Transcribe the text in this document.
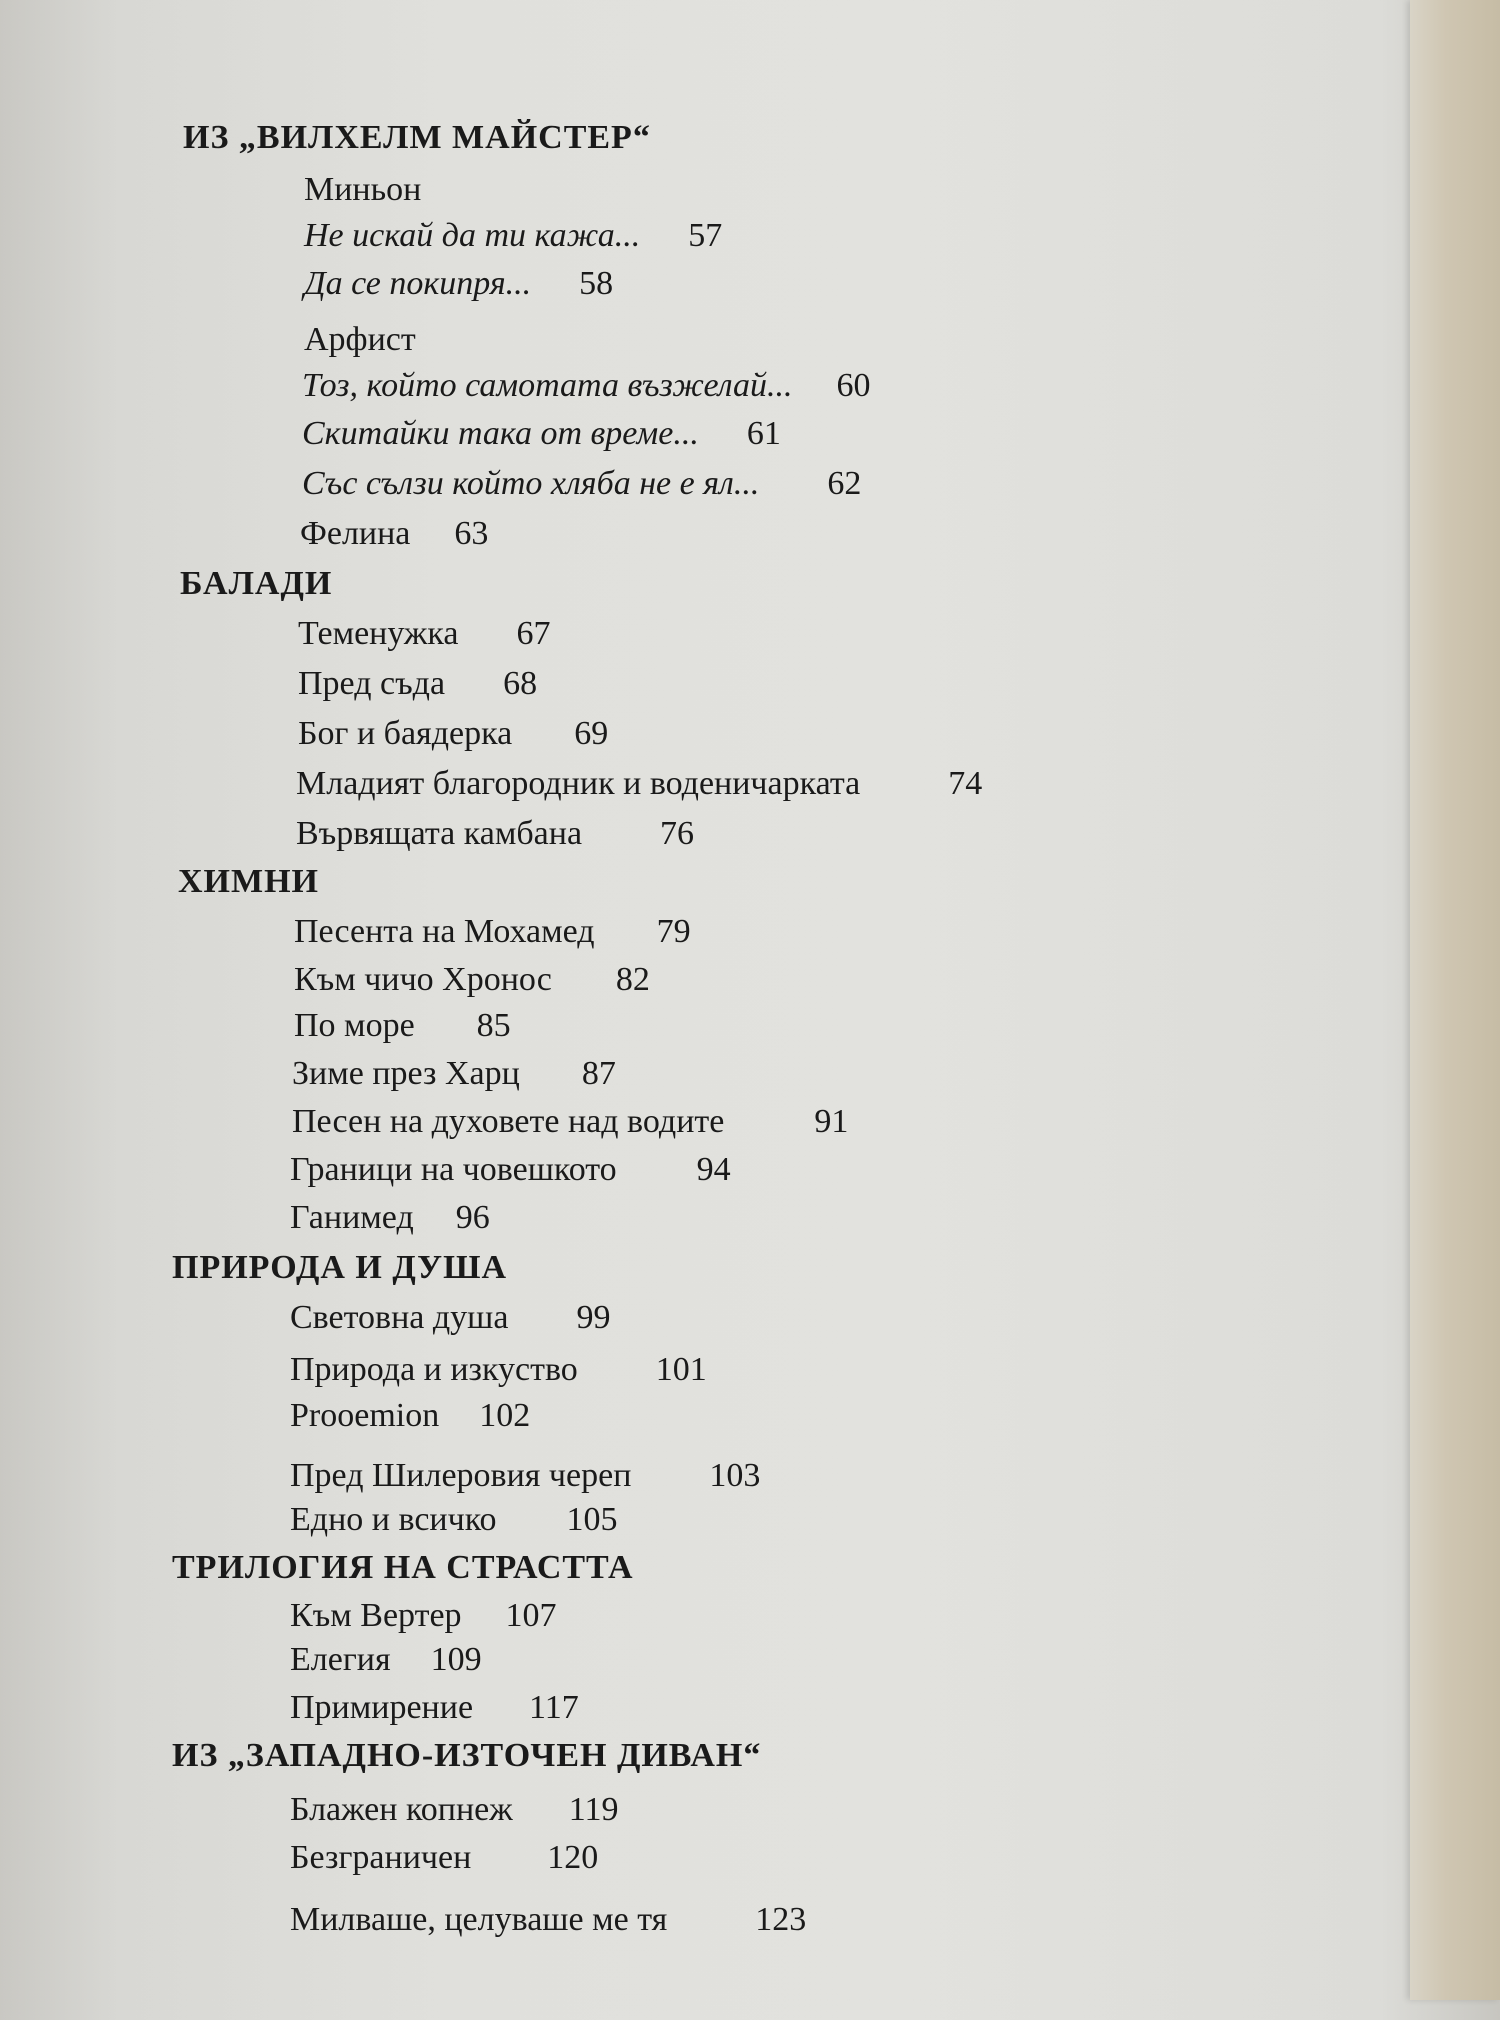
ИЗ „ВИЛХЕЛМ МАЙСТЕР“
Миньон
Не искай да ти кажа... 57
Да се покипря... 58
Арфист
Тоз, който самотата възжелай... 60
Скитайки така от време... 61
Със сълзи който хляба не е ял... 62
Фелина 63
БАЛАДИ
Теменужка 67
Пред съда 68
Бог и баядерка 69
Младият благородник и воденичарката	74
Вървящата камбана 76
ХИМНИ
Песента на Мохамед 79
Към чичо Хронос 82
По море 85
Зиме през Харц 87
Песен на духовете над водите	91
Граници на човешкото 94
Ганимед 96
ПРИРОДА И ДУША
Световна душа 99
Природа и изкуство 101
Prooemion 102
Пред Шилеровия череп 103
Едно и всичко 105
ТРИЛОГИЯ НА СТРАСТТА
Към Вертер 107
Елегия 109
Примирение 117
ИЗ „ЗАПАДНО-ИЗТОЧЕН ДИВАН“
Блажен копнеж 119
Безграничен 120
Милваше, целуваше ме тя	123
